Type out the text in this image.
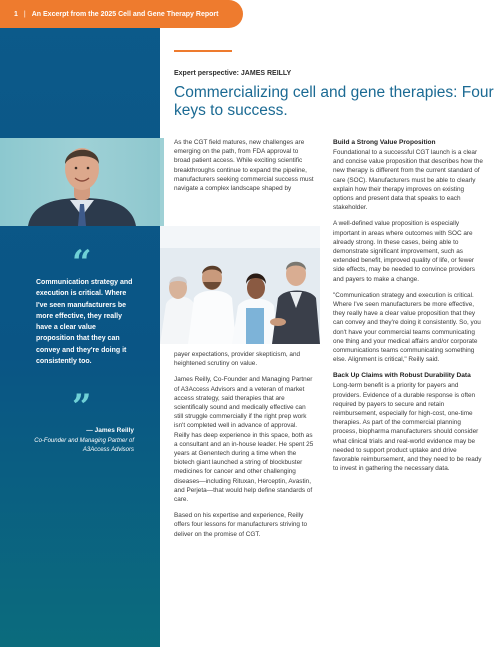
1 | An Excerpt from the 2025 Cell and Gene Therapy Report
“
Communication strategy and execution is critical. Where I've seen manufacturers be more effective, they really have a clear value proposition that they can convey and they're doing it consistently too.
”
— James Reilly
Co-Founder and Managing Partner of A3Access Advisors
Expert perspective: JAMES REILLY
Commercializing cell and gene therapies: Four keys to success.

As the CGT field matures, new challenges are emerging on the path, from FDA approval to broad patient access. While exciting scientific breakthroughs continue to expand the pipeline, manufacturers seeking commercial success must navigate a complex landscape shaped by

payer expectations, provider skepticism, and heightened scrutiny on value.

James Reilly, Co-Founder and Managing Partner of A3Access Advisors and a veteran of market access strategy, said therapies that are scientifically sound and medically effective can still struggle commercially if the right prep work isn't completed well in advance of approval. Reilly has deep experience in this space, both as a consultant and an in-house leader. He spent 25 years at Genentech during a time when the biotech giant launched a string of blockbuster medicines for cancer and other challenging diseases—including Rituxan, Herceptin, Avastin, and Perjeta—that would help define standards of care.

Based on his expertise and experience, Reilly offers four lessons for manufacturers striving to deliver on the promise of CGT.

Build a Strong Value Proposition

Foundational to a successful CGT launch is a clear and concise value proposition that describes how the new therapy is different from the current standard of care (SOC). Manufacturers must be able to clearly explain how their therapy improves on existing options and present data that speaks to each stakeholder.

A well-defined value proposition is especially important in areas where outcomes with SOC are already strong. In these cases, being able to demonstrate significant improvement, such as extended benefit, improved quality of life, or fewer side effects, may be needed to convince providers and payers to make a change.

"Communication strategy and execution is critical. Where I've seen manufacturers be more effective, they really have a clear value proposition that they can convey and they're doing it consistently. So, you don't have your commercial teams communicating one thing and your medical affairs and/or corporate communications teams communicating something else. Alignment is critical," Reilly said.

Back Up Claims with Robust Durability Data

Long-term benefit is a priority for payers and providers. Evidence of a durable response is often required by payers to secure and retain reimbursement, especially for high-cost, one-time therapies. As part of the commercial planning process, biopharma manufacturers should consider what clinical trials and real-world evidence may be needed to support product uptake and drive favorable reimbursement, and they need to be ready to invest in gathering the necessary data.
